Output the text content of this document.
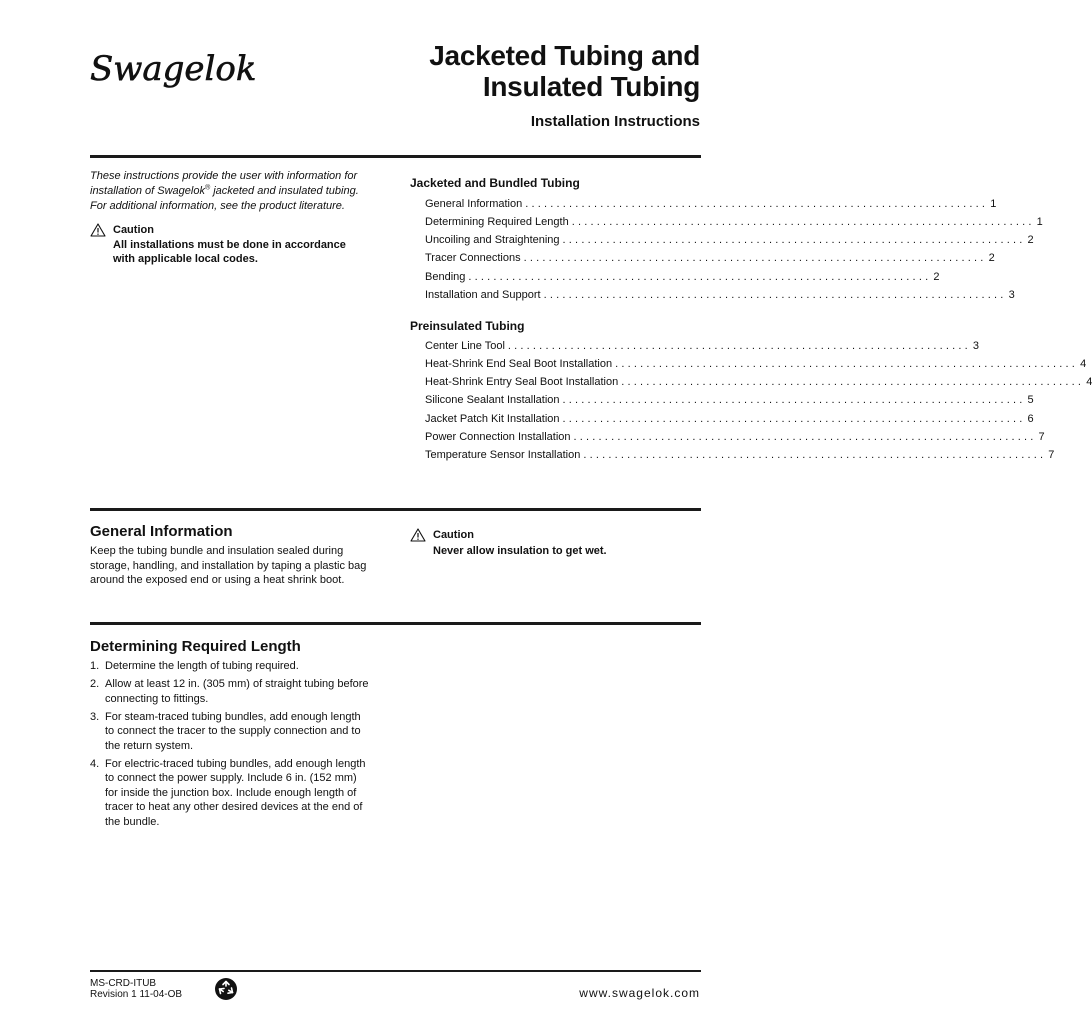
Swagelok	Jacketed Tubing and
Insulated Tubing
Installation Instructions
These instructions provide the user with information for
installation of Swagelok® jacketed and insulated tubing.
For additional information, see the product literature.
Caution
All installations must be done in accordance
with applicable local codes.
Jacketed and Bundled Tubing
General Information .......................................................................... 1
Determining Required Length .......................................................................... 1
Uncoiling and Straightening .......................................................................... 2
Tracer Connections .......................................................................... 2
Bending .......................................................................... 2
Installation and Support .......................................................................... 3
Preinsulated Tubing
Center Line Tool .......................................................................... 3
Heat-Shrink End Seal Boot Installation .......................................................................... 4
Heat-Shrink Entry Seal Boot Installation .......................................................................... 4
Silicone Sealant Installation .......................................................................... 5
Jacket Patch Kit Installation .......................................................................... 6
Power Connection Installation .......................................................................... 7
Temperature Sensor Installation .......................................................................... 7
General Information
Keep the tubing bundle and insulation sealed during
storage, handling, and installation by taping a plastic bag
around the exposed end or using a heat shrink boot.
Caution
Never allow insulation to get wet.
Determining Required Length
1. Determine the length of tubing required.
2. Allow at least 12 in. (305 mm) of straight tubing before
connecting to fittings.
3. For steam-traced tubing bundles, add enough length
to connect the tracer to the supply connection and to
the return system.
4. For electric-traced tubing bundles, add enough length
to connect the power supply. Include 6 in. (152 mm)
for inside the junction box. Include enough length of
tracer to heat any other desired devices at the end of
the bundle.
MS-CRD-ITUB
Revision 1 11-04-OB	www.swagelok.com
